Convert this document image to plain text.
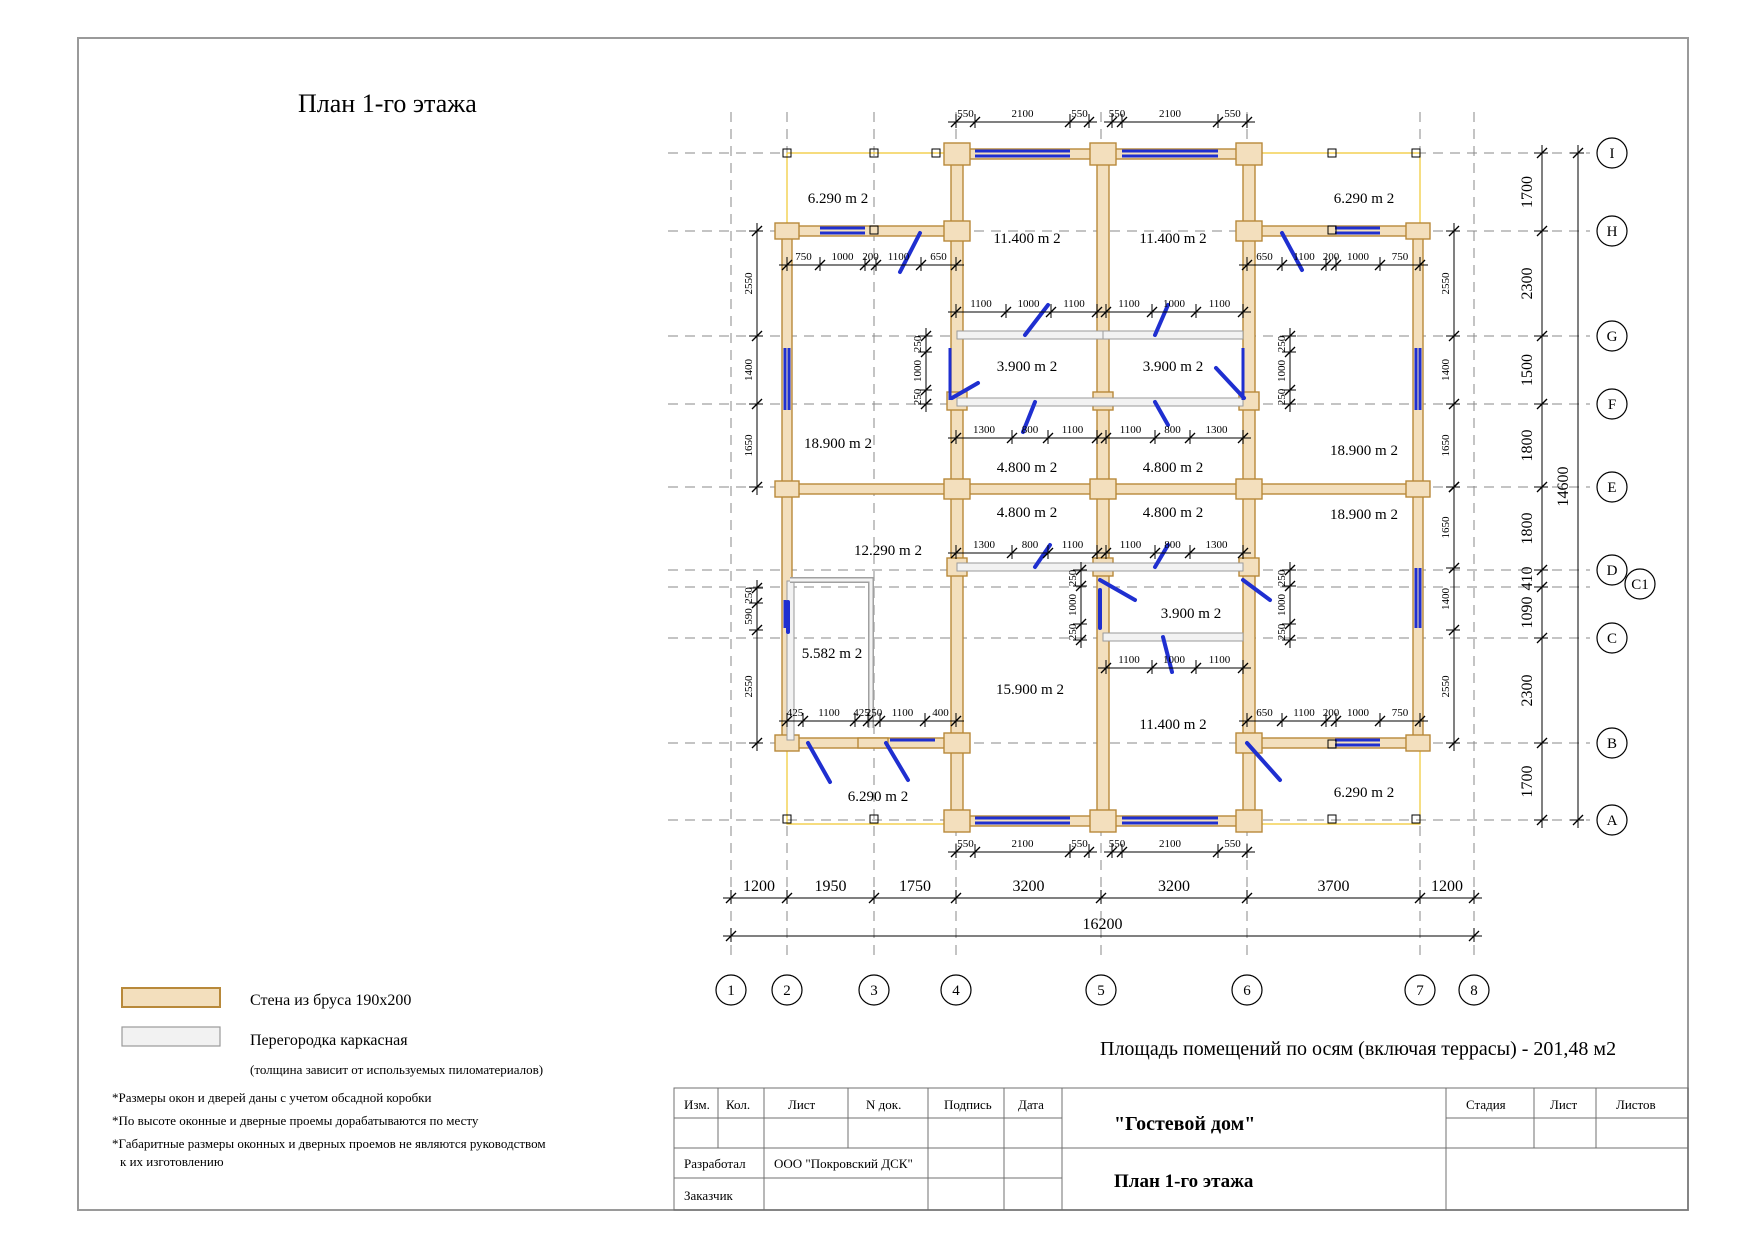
План 1-го этажа
1200 1950	1750	3200	3200	3700	1200
16200
1700
2300
1500
1800
1800
410
1090
2300
1700
14600
550	2100	550 550	2100	550
550	2100	550 550	2100	550
750 1000 200 1100 650	650 1100 200 1000 750
425 1100 425
250 1100 400	650 1100 200 1000 750
1100 1000 1100	1100 1000 1100
1300 800 1100	1100 800 1300
1300 800 1100	1100 800 1300
1100 1000 1100
2550
1400
1650
250
590
2550
2550
1400
1650
1650
1400
2550
250
1000
250
250
1000
250
250
1000
250
250
1000
250
6.290 m 2
11.400 m 2	11.400 m 2
6.290 m 2
3.900 m 2	3.900 m 2
18.900 m 2
4.800 m 2	4.800 m 2
18.900 m 2
12.290 m 2
4.800 m 2	4.800 m 2	18.900 m 2
3.900 m 2
5.582 m 2
15.900 m 2
11.400 m 2
6.290 m 2	6.290 m 2
1	2	3	4	5	6	7	8
I
H
G
F
E
D
C1
C
B
A
Площадь помещений по осям (включая террасы) - 201,48 м2
Стена из бруса 190х200
Перегородка каркасная
(толщина зависит от используемых пиломатериалов)
*Размеры окон и дверей даны с учетом обсадной коробки
*По высоте оконные и дверные проемы дорабатываются по месту
*Габаритные размеры оконных и дверных проемов не являются руководством
к их изготовлению
Изм. Кол.	Лист	N док.	Подпись Дата
Разработал ООО "Покровский ДСК"
Заказчик
"Гостевой дом"
План 1-го этажа
Стадия	Лист	Листов
